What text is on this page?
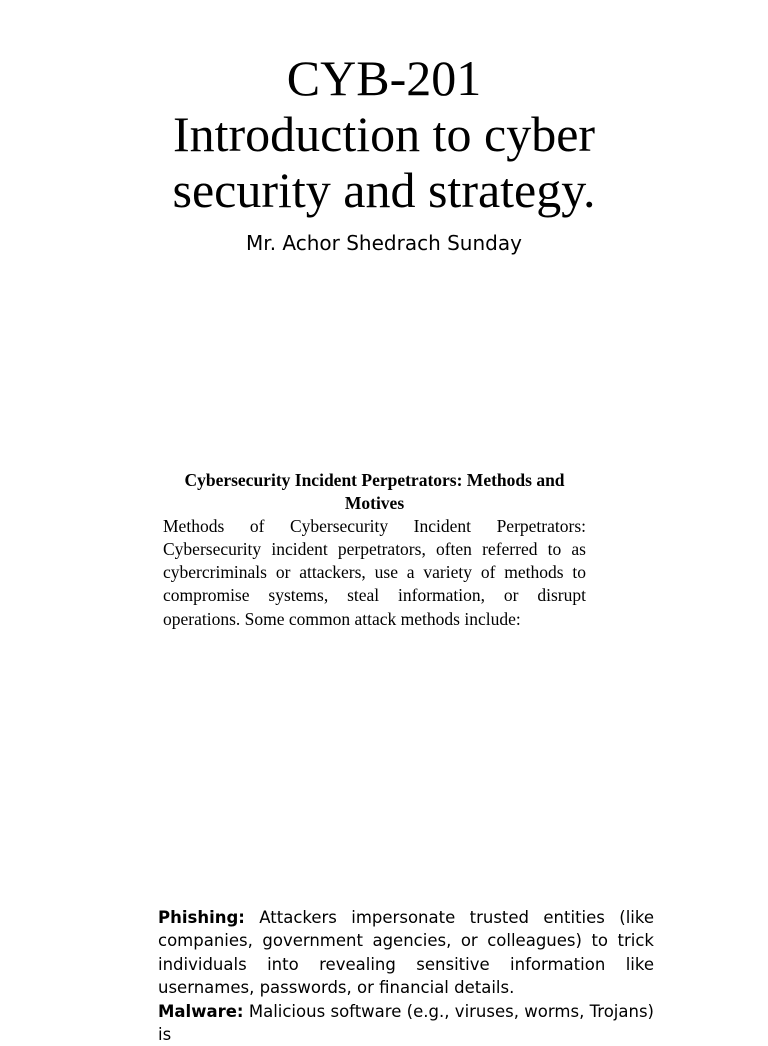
CYB-201
Introduction to cyber
security and strategy.
Mr. Achor Shedrach Sunday
Cybersecurity Incident Perpetrators: Methods and Motives
Methods of Cybersecurity Incident Perpetrators: Cybersecurity incident perpetrators, often referred to as cybercriminals or attackers, use a variety of methods to compromise systems, steal information, or disrupt operations. Some common attack methods include:
Phishing: Attackers impersonate trusted entities (like companies, government agencies, or colleagues) to trick individuals into revealing sensitive information like usernames, passwords, or financial details.
Malware: Malicious software (e.g., viruses, worms, Trojans) is
